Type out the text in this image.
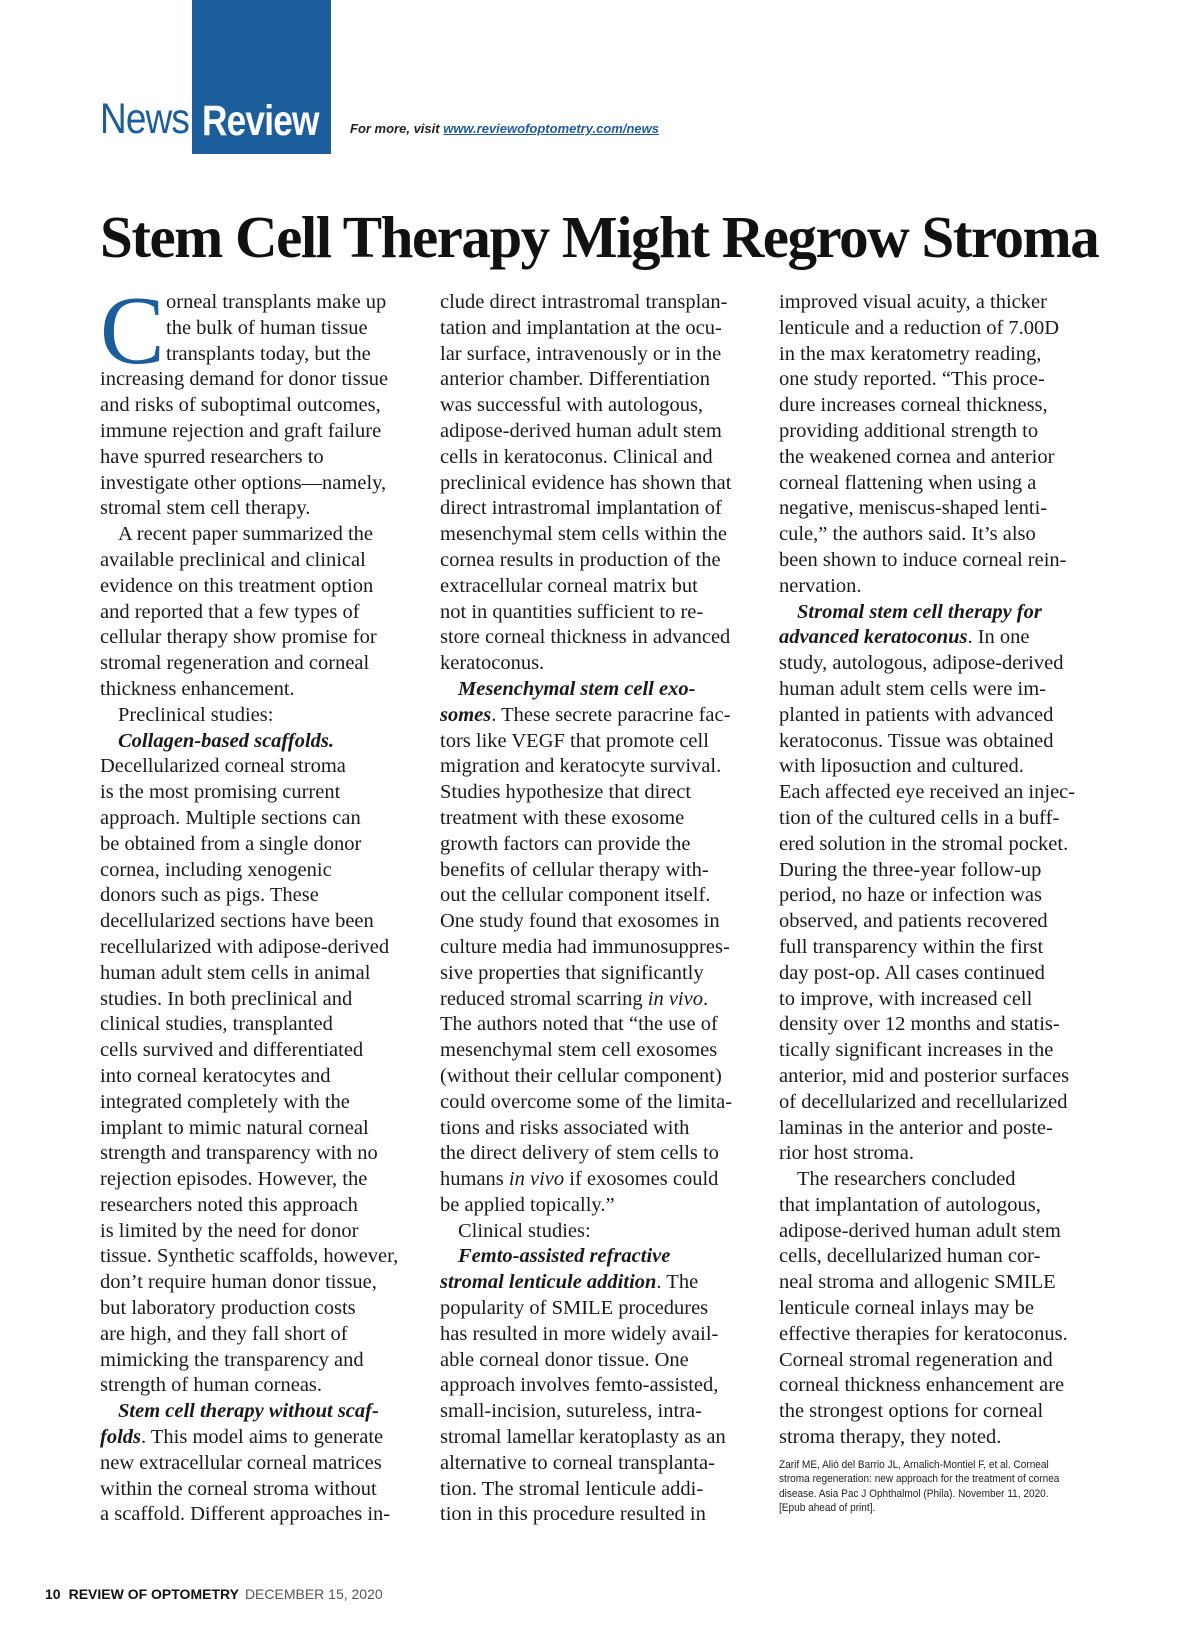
News Review For more, visit www.reviewofoptometry.com/news
Stem Cell Therapy Might Regrow Stroma
C orneal transplants make up
the bulk of human tissue
transplants today, but the
increasing demand for donor tissue
and risks of suboptimal outcomes,
immune rejection and graft failure
have spurred researchers to
investigate other options—namely,
stromal stem cell therapy.
A recent paper summarized the
available preclinical and clinical
evidence on this treatment option
and reported that a few types of
cellular therapy show promise for
stromal regeneration and corneal
thickness enhancement.
Preclinical studies:
Collagen-based scaffolds.
Decellularized corneal stroma
is the most promising current
approach. Multiple sections can
be obtained from a single donor
cornea, including xenogenic
donors such as pigs. These
decellularized sections have been
recellularized with adipose-derived
human adult stem cells in animal
studies. In both preclinical and
clinical studies, transplanted
cells survived and differentiated
into corneal keratocytes and
integrated completely with the
implant to mimic natural corneal
strength and transparency with no
rejection episodes. However, the
researchers noted this approach
is limited by the need for donor
tissue. Synthetic scaffolds, however,
don’t require human donor tissue,
but laboratory production costs
are high, and they fall short of
mimicking the transparency and
strength of human corneas.
Stem cell therapy without scaf-
folds. This model aims to generate
new extracellular corneal matrices
within the corneal stroma without
a scaffold. Different approaches in-
clude direct intrastromal transplan-
tation and implantation at the ocu-
lar surface, intravenously or in the
anterior chamber. Differentiation
was successful with autologous,
adipose-derived human adult stem
cells in keratoconus. Clinical and
preclinical evidence has shown that
direct intrastromal implantation of
mesenchymal stem cells within the
cornea results in production of the
extracellular corneal matrix but
not in quantities sufficient to re-
store corneal thickness in advanced
keratoconus.
Mesenchymal stem cell exo-
somes. These secrete paracrine fac-
tors like VEGF that promote cell
migration and keratocyte survival.
Studies hypothesize that direct
treatment with these exosome
growth factors can provide the
benefits of cellular therapy with-
out the cellular component itself.
One study found that exosomes in
culture media had immunosuppres-
sive properties that significantly
reduced stromal scarring in vivo.
The authors noted that “the use of
mesenchymal stem cell exosomes
(without their cellular component)
could overcome some of the limita-
tions and risks associated with
the direct delivery of stem cells to
humans in vivo if exosomes could
be applied topically.”
Clinical studies:
Femto-assisted refractive
stromal lenticule addition. The
popularity of SMILE procedures
has resulted in more widely avail-
able corneal donor tissue. One
approach involves femto-assisted,
small-incision, sutureless, intra-
stromal lamellar keratoplasty as an
alternative to corneal transplanta-
tion. The stromal lenticule addi-
tion in this procedure resulted in
improved visual acuity, a thicker
lenticule and a reduction of 7.00D
in the max keratometry reading,
one study reported. “This proce-
dure increases corneal thickness,
providing additional strength to
the weakened cornea and anterior
corneal flattening when using a
negative, meniscus-shaped lenti-
cule,” the authors said. It’s also
been shown to induce corneal rein-
nervation.
Stromal stem cell therapy for
advanced keratoconus. In one
study, autologous, adipose-derived
human adult stem cells were im-
planted in patients with advanced
keratoconus. Tissue was obtained
with liposuction and cultured.
Each affected eye received an injec-
tion of the cultured cells in a buff-
ered solution in the stromal pocket.
During the three-year follow-up
period, no haze or infection was
observed, and patients recovered
full transparency within the first
day post-op. All cases continued
to improve, with increased cell
density over 12 months and statis-
tically significant increases in the
anterior, mid and posterior surfaces
of decellularized and recellularized
laminas in the anterior and poste-
rior host stroma.
The researchers concluded
that implantation of autologous,
adipose-derived human adult stem
cells, decellularized human cor-
neal stroma and allogenic SMILE
lenticule corneal inlays may be
effective therapies for keratoconus.
Corneal stromal regeneration and
corneal thickness enhancement are
the strongest options for corneal
stroma therapy, they noted.
Zarif ME, Alió del Barrio JL, Arnalich-Montiel F, et al. Corneal
stroma regeneration: new approach for the treatment of cornea
disease. Asia Pac J Ophthalmol (Phila). November 11, 2020.
[Epub ahead of print].
10 REVIEW OF OPTOMETRY DECEMBER 15, 2020
